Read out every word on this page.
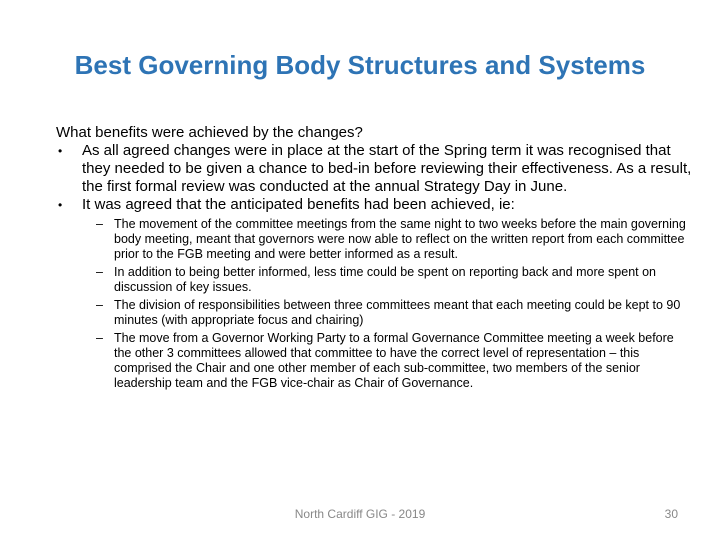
Best Governing Body Structures and Systems
What benefits were achieved by the changes?
• As all agreed changes were in place at the start of the Spring term it was recognised that they needed to be given a chance to bed-in before reviewing their effectiveness. As a result, the first formal review was conducted at the annual Strategy Day in June.
• It was agreed that the anticipated benefits had been achieved, ie:
– The movement of the committee meetings from the same night to two weeks before the main governing body meeting, meant that governors were now able to reflect on the written report from each committee prior to the FGB meeting and were better informed as a result.
– In addition to being better informed, less time could be spent on reporting back and more spent on discussion of key issues.
– The division of responsibilities between three committees meant that each meeting could be kept to 90 minutes (with appropriate focus and chairing)
– The move from a Governor Working Party to a formal Governance Committee meeting a week before the other 3 committees allowed that committee to have the correct level of representation – this comprised the Chair and one other member of each sub-committee, two members of the senior leadership team and the FGB vice-chair as Chair of Governance.
North Cardiff GIG - 2019	30
